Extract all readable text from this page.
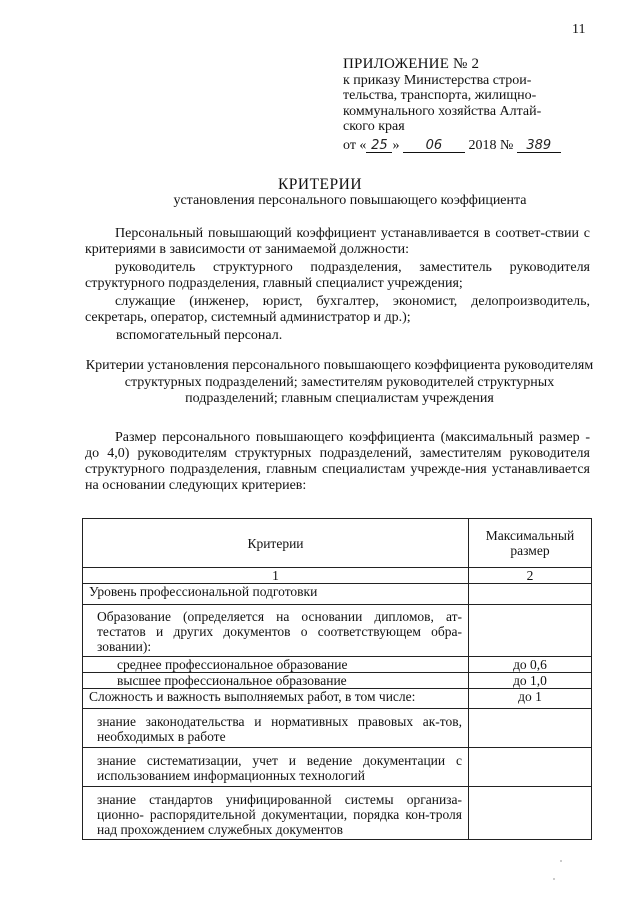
11
ПРИЛОЖЕНИЕ № 2
к приказу Министерства строи-
тельства, транспорта, жилищно-
коммунального хозяйства Алтай-
ского края
от « 25 » 06 2018 № 389
КРИТЕРИИ
установления персонального повышающего коэффициента
Персональный повышающий коэффициент устанавливается в соответ-ствии с критериями в зависимости от занимаемой должности:
руководитель структурного подразделения, заместитель руководителя структурного подразделения, главный специалист учреждения;
служащие (инженер, юрист, бухгалтер, экономист, делопроизводитель, секретарь, оператор, системный администратор и др.);
вспомогательный персонал.
Критерии установления персонального повышающего коэффициента руководителям структурных подразделений; заместителям руководителей структурных подразделений; главным специалистам учреждения
Размер персонального повышающего коэффициента (максимальный размер - до 4,0) руководителям структурных подразделений, заместителям руководителя структурного подразделения, главным специалистам учрежде-ния устанавливается на основании следующих критериев:
Критерии	Максимальный размер
1	2
Уровень профессиональной подготовки	
Образование (определяется на основании дипломов, ат-тестатов и других документов о соответствующем обра-зовании):	
среднее профессиональное образование	до 0,6
высшее профессиональное образование	до 1,0
Сложность и важность выполняемых работ, в том числе:	до 1
знание законодательства и нормативных правовых ак-тов, необходимых в работе	
знание систематизации, учет и ведение документации с использованием информационных технологий	
знание стандартов унифицированной системы организа-ционно- распорядительной документации, порядка кон-троля над прохождением служебных документов	
